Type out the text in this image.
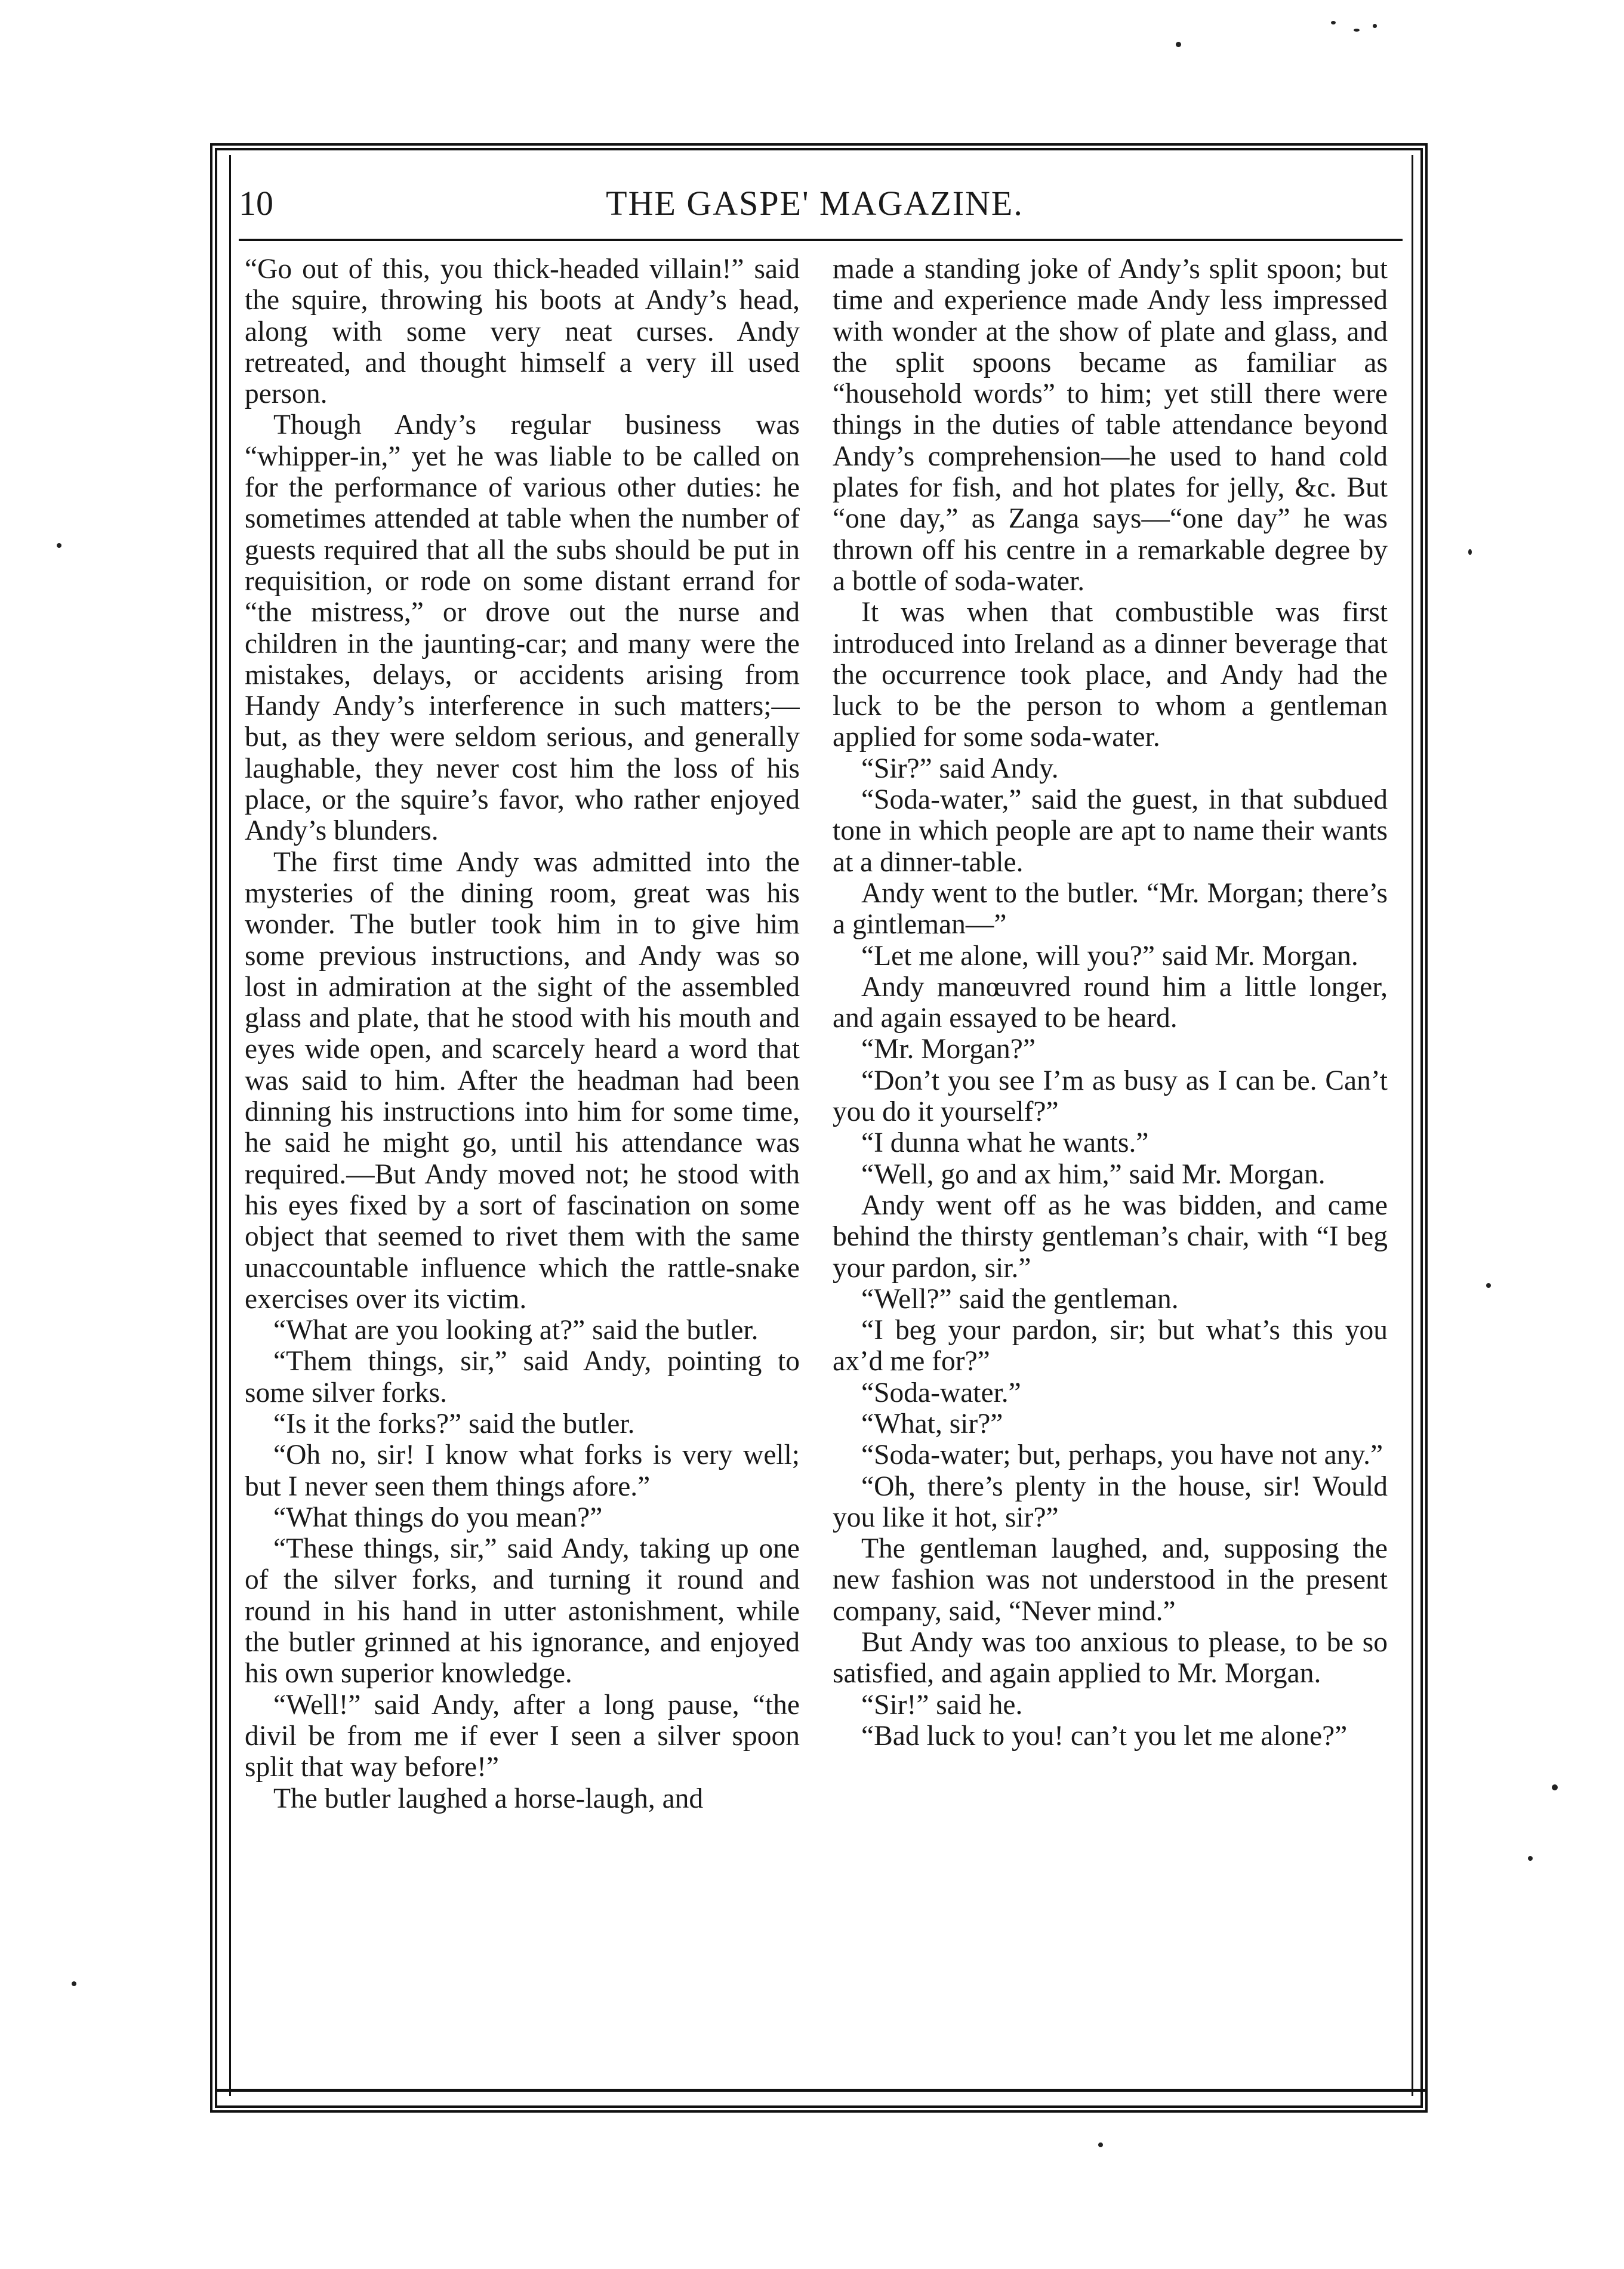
10	THE GASPE' MAGAZINE.

“Go out of this, you thick-headed villain!” said the squire, throwing his boots at Andy’s head, along with some very neat curses. Andy retreated, and thought himself a very ill used person.

Though Andy’s regular business was “whipper-in,” yet he was liable to be called on for the performance of various other duties: he sometimes attended at table when the number of guests required that all the subs should be put in requisition, or rode on some distant errand for “the mistress,” or drove out the nurse and children in the jaunting-car; and many were the mistakes, delays, or accidents arising from Handy Andy’s interference in such matters;—but, as they were seldom serious, and generally laughable, they never cost him the loss of his place, or the squire’s favor, who rather enjoyed Andy’s blunders.

The first time Andy was admitted into the mysteries of the dining room, great was his wonder. The butler took him in to give him some previous instructions, and Andy was so lost in admiration at the sight of the assembled glass and plate, that he stood with his mouth and eyes wide open, and scarcely heard a word that was said to him. After the headman had been dinning his instructions into him for some time, he said he might go, until his attendance was required.—But Andy moved not; he stood with his eyes fixed by a sort of fascination on some object that seemed to rivet them with the same unaccountable influence which the rattle-snake exercises over its victim.

“What are you looking at?” said the butler.

“Them things, sir,” said Andy, pointing to some silver forks.

“Is it the forks?” said the butler.

“Oh no, sir! I know what forks is very well; but I never seen them things afore.”

“What things do you mean?”

“These things, sir,” said Andy, taking up one of the silver forks, and turning it round and round in his hand in utter astonishment, while the butler grinned at his ignorance, and enjoyed his own superior knowledge.

“Well!” said Andy, after a long pause, “the divil be from me if ever I seen a silver spoon split that way before!”

The butler laughed a horse-laugh, and

made a standing joke of Andy’s split spoon; but time and experience made Andy less impressed with wonder at the show of plate and glass, and the split spoons became as familiar as “household words” to him; yet still there were things in the duties of table attendance beyond Andy’s comprehension—he used to hand cold plates for fish, and hot plates for jelly, &c. But “one day,” as Zanga says—“one day” he was thrown off his centre in a remarkable degree by a bottle of soda-water.

It was when that combustible was first introduced into Ireland as a dinner beverage that the occurrence took place, and Andy had the luck to be the person to whom a gentleman applied for some soda-water.

“Sir?” said Andy.

“Soda-water,” said the guest, in that subdued tone in which people are apt to name their wants at a dinner-table.

Andy went to the butler. “Mr. Morgan; there’s a gintleman—”

“Let me alone, will you?” said Mr. Morgan.

Andy manœuvred round him a little longer, and again essayed to be heard.

“Mr. Morgan?”

“Don’t you see I’m as busy as I can be. Can’t you do it yourself?”

“I dunna what he wants.”

“Well, go and ax him,” said Mr. Morgan.

Andy went off as he was bidden, and came behind the thirsty gentleman’s chair, with “I beg your pardon, sir.”

“Well?” said the gentleman.

“I beg your pardon, sir; but what’s this you ax’d me for?”

“Soda-water.”

“What, sir?”

“Soda-water; but, perhaps, you have not any.”

“Oh, there’s plenty in the house, sir! Would you like it hot, sir?”

The gentleman laughed, and, supposing the new fashion was not understood in the present company, said, “Never mind.”

But Andy was too anxious to please, to be so satisfied, and again applied to Mr. Morgan.

“Sir!” said he.

“Bad luck to you! can’t you let me alone?”
